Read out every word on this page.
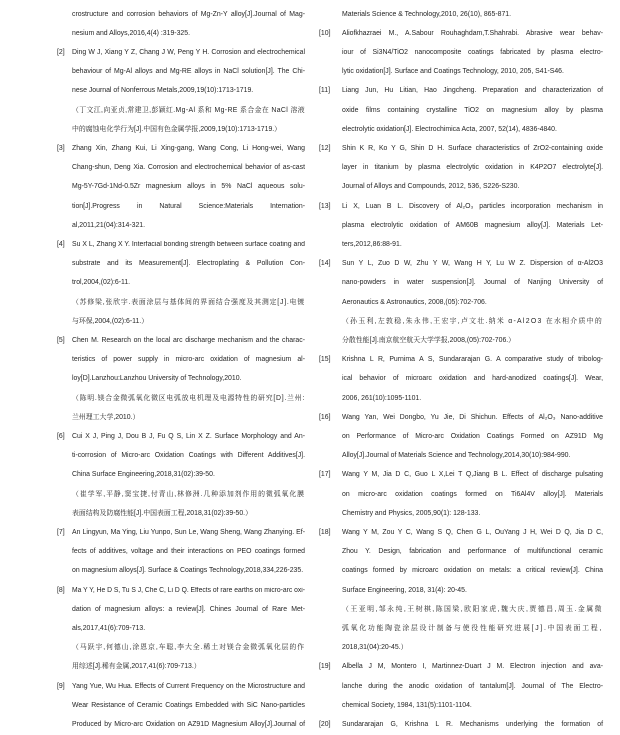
crostructure and corrosion behaviors of Mg-Zn-Y alloy[J].Journal of Mag-
nesium and Alloys,2016,4(4) :319-325.
[2] Ding W J, Xiang Y Z, Chang J W, Peng Y H. Corrosion and electrochemical
behaviour of Mg-Al alloys and Mg-RE alloys in NaCl solution[J]. The Chi-
nese Journal of Nonferrous Metals,2009,19(10):1713-1719.
（丁文江,向亚贞,常建卫,彭颖红.Mg-Al 系和 Mg-RE 系合金在 NaCl 溶液
中的腐蚀电化学行为[J].中国有色金属学报,2009,19(10):1713-1719.）
[3] Zhang Xin, Zhang Kui, Li Xing-gang, Wang Cong, Li Hong-wei, Wang
Chang-shun, Deng Xia. Corrosion and electrochemical behavior of as-cast
Mg-5Y-7Gd-1Nd-0.5Zr magnesium alloys in 5% NaCl aqueous solu-
tion[J].Progress in Natural Science:Materials Internation-
al,2011,21(04):314-321.
[4] Su X L, Zhang X Y. Interfacial bonding strength between surface coating and
substrate and its Measurement[J]. Electroplating & Pollution Con-
trol,2004,(02):6-11.
（苏修梁,张欣宇.表面涂层与基体间的界面结合强度及其测定[J].电镀
与环保,2004,(02):6-11.）
[5] Chen M. Research on the local arc discharge mechanism and the charac-
teristics of power supply in micro-arc oxidation of magnesium al-
loy[D].Lanzhou:Lanzhou University of Technology,2010.
（陈明.镁合金微弧氧化微区电弧放电机理及电源特性的研究[D].兰州:
兰州理工大学,2010.）
[6] Cui X J, Ping J, Dou B J, Fu Q S, Lin X Z. Surface Morphology and An-
ti-corrosion of Micro-arc Oxidation Coatings with Different Additives[J].
China Surface Engineering,2018,31(02):39-50.
（崔学军,平静,窦宝捷,付青山,林修洲.几种添加剂作用的微弧氧化膜
表面结构及防腐性能[J].中国表面工程,2018,31(02):39-50.）
[7] An Lingyun, Ma Ying, Liu Yunpo, Sun Le, Wang Sheng, Wang Zhanying. Ef-
fects of additives, voltage and their interactions on PEO coatings formed
on magnesium alloys[J]. Surface & Coatings Technology,2018,334,226-235.
[8] Ma Y Y, He D S, Tu S J, Che C, Li D Q. Effects of rare earths on micro-arc oxi-
dation of magnesium alloys: a review[J]. Chines Journal of Rare Met-
als,2017,41(6):709-713.
（马跃宇,何德山,涂恩京,车聪,李大全.稀土对镁合金微弧氧化层的作
用综述[J].稀有金属,2017,41(6):709-713.）
[9] Yang Yue, Wu Hua. Effects of Current Frequency on the Microstructure and
Wear Resistance of Ceramic Coatings Embedded with SiC Nano-particles
Produced by Micro-arc Oxidation on AZ91D Magnesium Alloy[J].Journal of
Materials Science & Technology,2010, 26(10), 865-871.
[10] Aliofkhazraei M., A.Sabour Rouhaghdam,T.Shahrabi. Abrasive wear behav-
iour of Si3N4/TiO2 nanocomposite coatings fabricated by plasma electro-
lytic oxidation[J]. Surface and Coatings Technology, 2010, 205, S41-S46.
[11] Liang Jun, Hu Litian, Hao Jingcheng. Preparation and characterization of
oxide films containing crystalline TiO2 on magnesium alloy by plasma
electrolytic oxidation[J]. Electrochimica Acta, 2007, 52(14), 4836-4840.
[12] Shin K R, Ko Y G, Shin D H. Surface characteristics of ZrO2-containing oxide
layer in titanium by plasma electrolytic oxidation in K4P2O7 electrolyte[J].
Journal of Alloys and Compounds, 2012, 536, S226-S230.
[13] Li X, Luan B L. Discovery of Al₂O₃ particles incorporation mechanism in
plasma electrolytic oxidation of AM60B magnesium alloy[J]. Materials Let-
ters,2012,86:88-91.
[14] Sun Y L, Zuo D W, Zhu Y W, Wang H Y, Lu W Z. Dispersion of α-Al2O3
nano-powders in water suspension[J]. Journal of Nanjing University of
Aeronautics & Astronautics, 2008,(05):702-706.
（孙玉利,左敦稳,朱永伟,王宏宇,卢文壮.纳米 α-Al2O3 在水相介质中的
分散性能[J].南京航空航天大学学报,2008,(05):702-706.）
[15] Krishna L R, Purnima A S, Sundararajan G. A comparative study of tribolog-
ical behavior of microarc oxidation and hard-anodized coatings[J]. Wear,
2006, 261(10):1095-1101.
[16] Wang Yan, Wei Dongbo, Yu Jie, Di Shichun. Effects of Al₂O₃ Nano-additive
on Performance of Micro-arc Oxidation Coatings Formed on AZ91D Mg
Alloy[J].Journal of Materials Science and Technology,2014,30(10):984-990.
[17] Wang Y M, Jia D C, Guo L X,Lei T Q,Jiang B L. Effect of discharge pulsating
on micro-arc oxidation coatings formed on Ti6Al4V alloy[J]. Materials
Chemistry and Physics, 2005,90(1): 128-133.
[18] Wang Y M, Zou Y C, Wang S Q, Chen G L, OuYang J H, Wei D Q, Jia D C,
Zhou Y. Design, fabrication and performance of multifunctional ceramic
coatings formed by microarc oxidation on metals: a critical review[J]. China
Surface Engineering, 2018, 31(4): 20-45.
（王亚明,邹永纯,王树棋,陈国梁,欧阳家虎,魏大庆,贾德昌,周玉.金属微
弧氧化功能陶瓷涂层设计制备与使役性能研究进展[J].中国表面工程,
2018,31(04):20-45.）
[19] Albella J M, Montero I, Martinnez-Duart J M. Electron injection and ava-
lanche during the anodic oxidation of tantalum[J]. Journal of The Electro-
chemical Society, 1984, 131(5):1101-1104.
[20] Sundararajan G, Krishna L R. Mechanisms underlying the formation of
